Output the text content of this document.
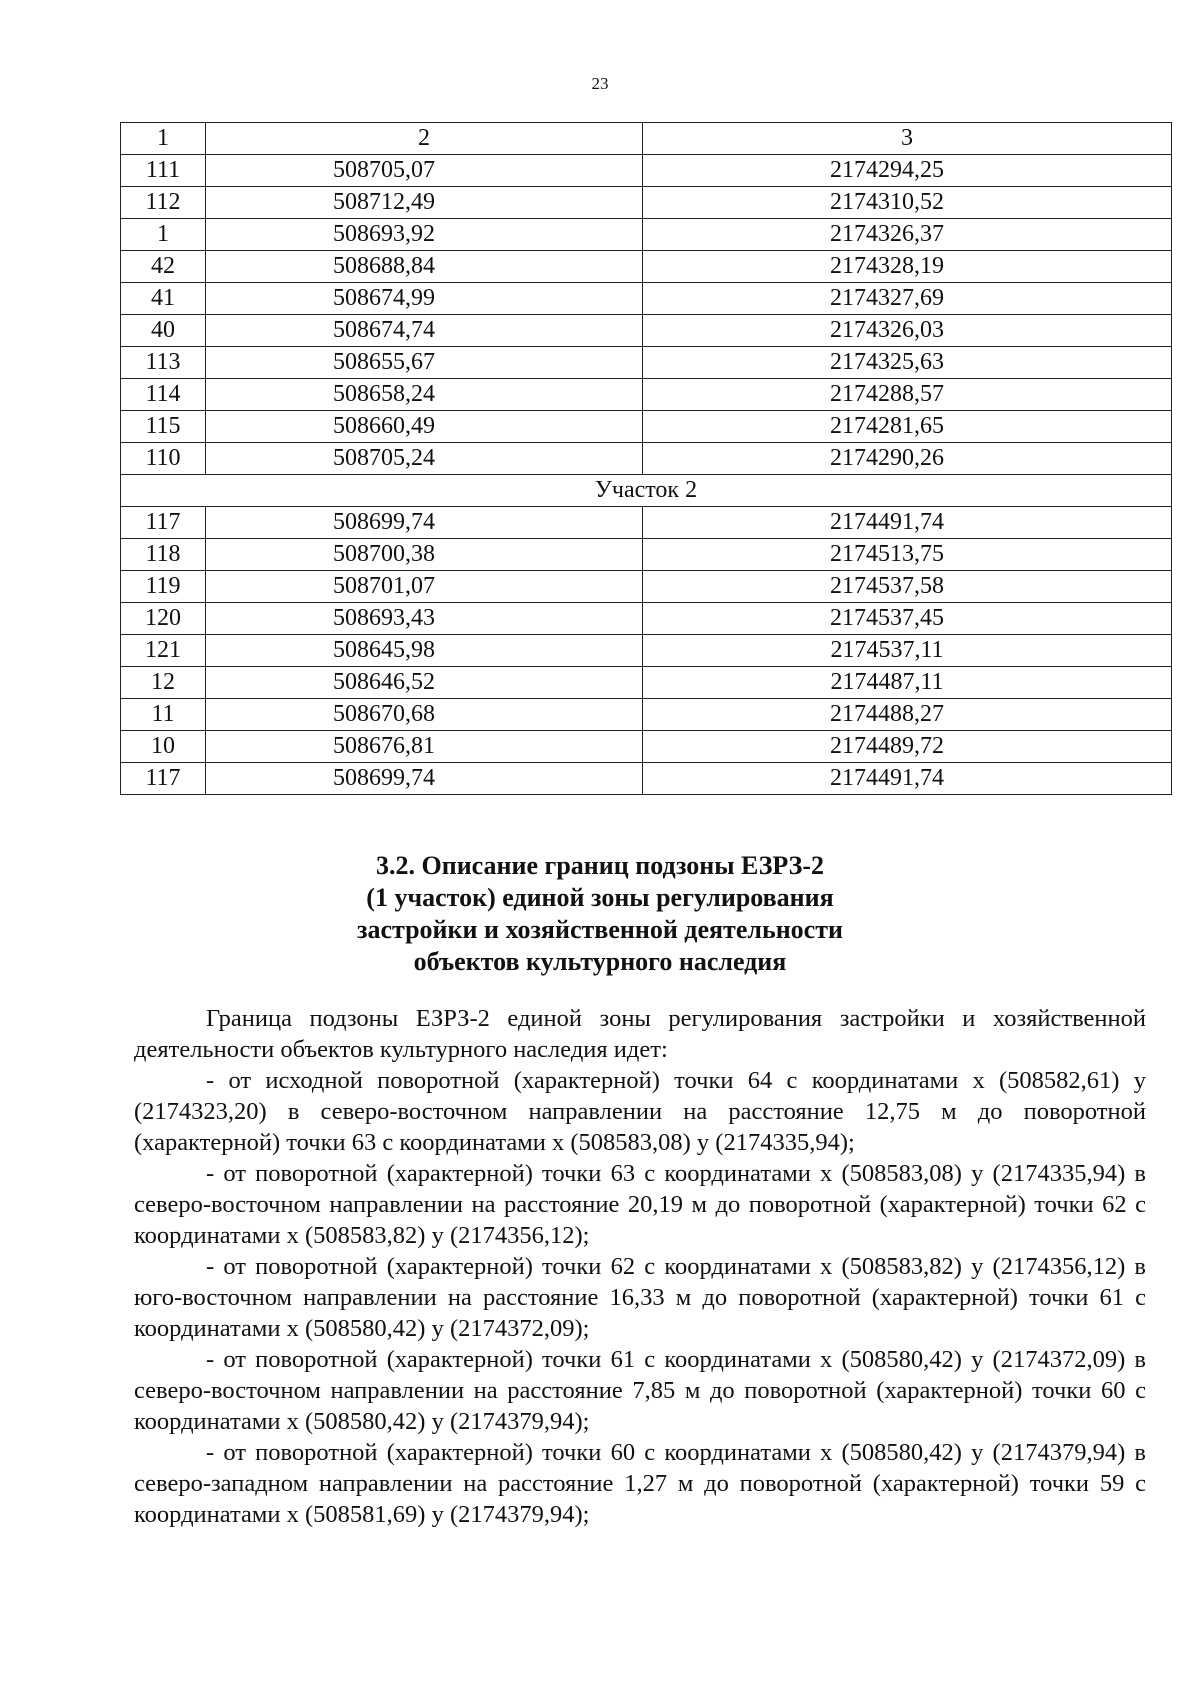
23
1	2	3
111	508705,07	2174294,25
112	508712,49	2174310,52
1	508693,92	2174326,37
42	508688,84	2174328,19
41	508674,99	2174327,69
40	508674,74	2174326,03
113	508655,67	2174325,63
114	508658,24	2174288,57
115	508660,49	2174281,65
110	508705,24	2174290,26
Участок 2		
117	508699,74	2174491,74
118	508700,38	2174513,75
119	508701,07	2174537,58
120	508693,43	2174537,45
121	508645,98	2174537,11
12	508646,52	2174487,11
11	508670,68	2174488,27
10	508676,81	2174489,72
117	508699,74	2174491,74
3.2. Описание границ подзоны ЕЗРЗ-2
(1 участок) единой зоны регулирования
застройки и хозяйственной деятельности
объектов культурного наследия

Граница подзоны ЕЗРЗ-2 единой зоны регулирования застройки и хозяйственной деятельности объектов культурного наследия идет:

- от исходной поворотной (характерной) точки 64 с координатами x (508582,61) y (2174323,20) в северо-восточном направлении на расстояние 12,75 м до поворотной (характерной) точки 63 с координатами x (508583,08) y (2174335,94);

- от поворотной (характерной) точки 63 с координатами x (508583,08) y (2174335,94) в северо-восточном направлении на расстояние 20,19 м до поворотной (характерной) точки 62 с координатами x (508583,82) y (2174356,12);

- от поворотной (характерной) точки 62 с координатами x (508583,82) y (2174356,12) в юго-восточном направлении на расстояние 16,33 м до поворотной (характерной) точки 61 с координатами x (508580,42) y (2174372,09);

- от поворотной (характерной) точки 61 с координатами x (508580,42) y (2174372,09) в северо-восточном направлении на расстояние 7,85 м до поворотной (характерной) точки 60 с координатами x (508580,42) y (2174379,94);

- от поворотной (характерной) точки 60 с координатами x (508580,42) y (2174379,94) в северо-западном направлении на расстояние 1,27 м до поворотной (характерной) точки 59 с координатами x (508581,69) y (2174379,94);
